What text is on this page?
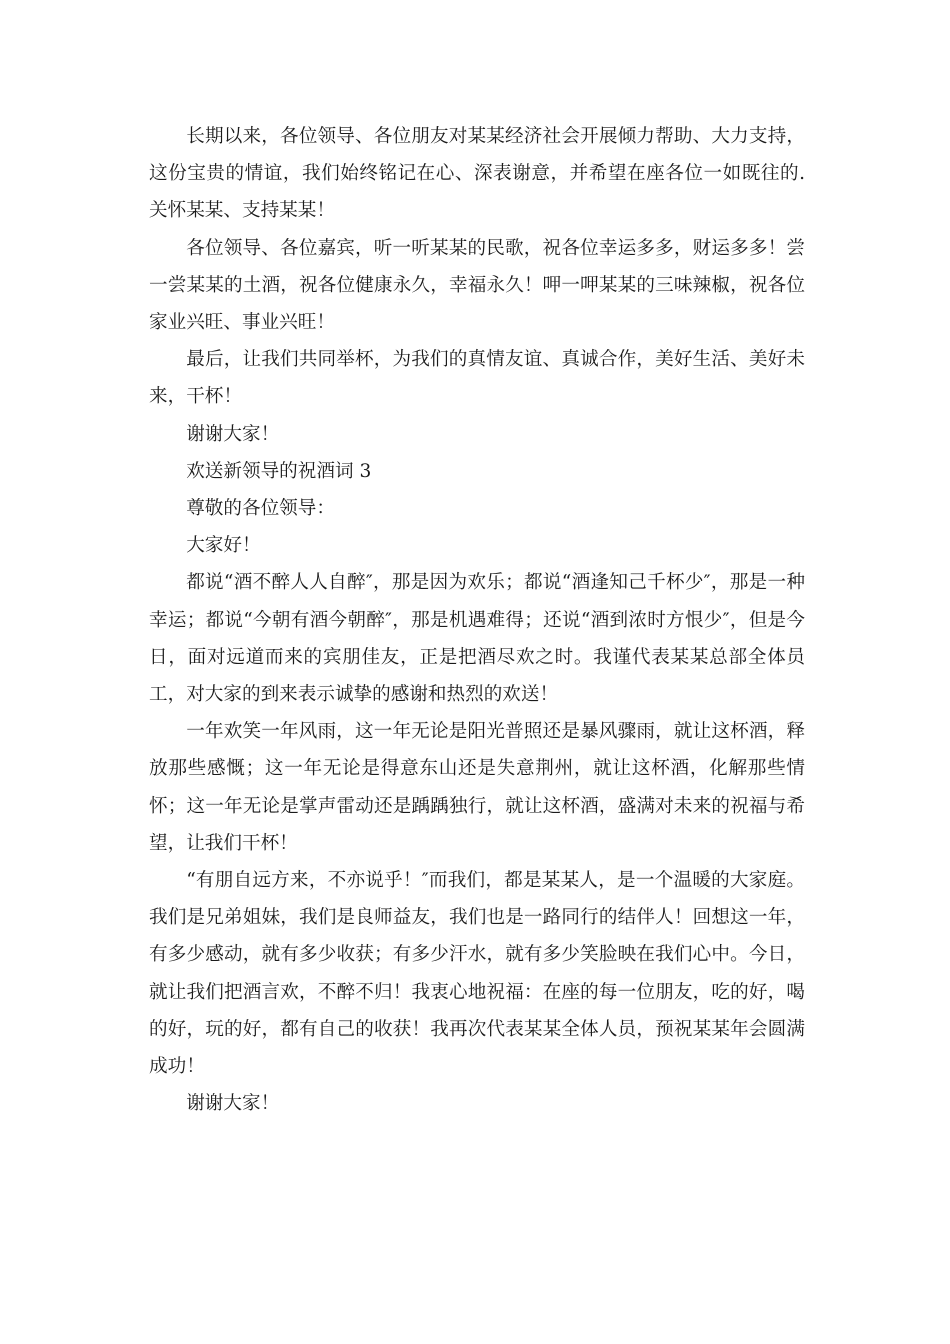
长期以来，各位领导、各位朋友对某某经济社会开展倾力帮助、大力支持，这份宝贵的情谊，我们始终铭记在心、深表谢意，并希望在座各位一如既往的.关怀某某、支持某某！

各位领导、各位嘉宾，听一听某某的民歌，祝各位幸运多多，财运多多！尝一尝某某的土酒，祝各位健康永久，幸福永久！呷一呷某某的三味辣椒，祝各位家业兴旺、事业兴旺！

最后，让我们共同举杯，为我们的真情友谊、真诚合作，美好生活、美好未来，干杯！

谢谢大家！

欢送新领导的祝酒词 3

尊敬的各位领导：

大家好！

都说“酒不醉人人自醉″，那是因为欢乐；都说“酒逢知己千杯少″，那是一种幸运；都说“今朝有酒今朝醉″，那是机遇难得；还说“酒到浓时方恨少″，但是今日，面对远道而来的宾朋佳友，正是把酒尽欢之时。我谨代表某某总部全体员工，对大家的到来表示诚挚的感谢和热烈的欢送！

一年欢笑一年风雨，这一年无论是阳光普照还是暴风骤雨，就让这杯酒，释放那些感慨；这一年无论是得意东山还是失意荆州，就让这杯酒，化解那些情怀；这一年无论是掌声雷动还是踽踽独行，就让这杯酒，盛满对未来的祝福与希望，让我们干杯！

“有朋自远方来，不亦说乎！″而我们，都是某某人，是一个温暖的大家庭。我们是兄弟姐妹，我们是良师益友，我们也是一路同行的结伴人！回想这一年，有多少感动，就有多少收获；有多少汗水，就有多少笑脸映在我们心中。今日，就让我们把酒言欢，不醉不归！我衷心地祝福：在座的每一位朋友，吃的好，喝的好，玩的好，都有自己的收获！我再次代表某某全体人员，预祝某某年会圆满成功！

谢谢大家！
